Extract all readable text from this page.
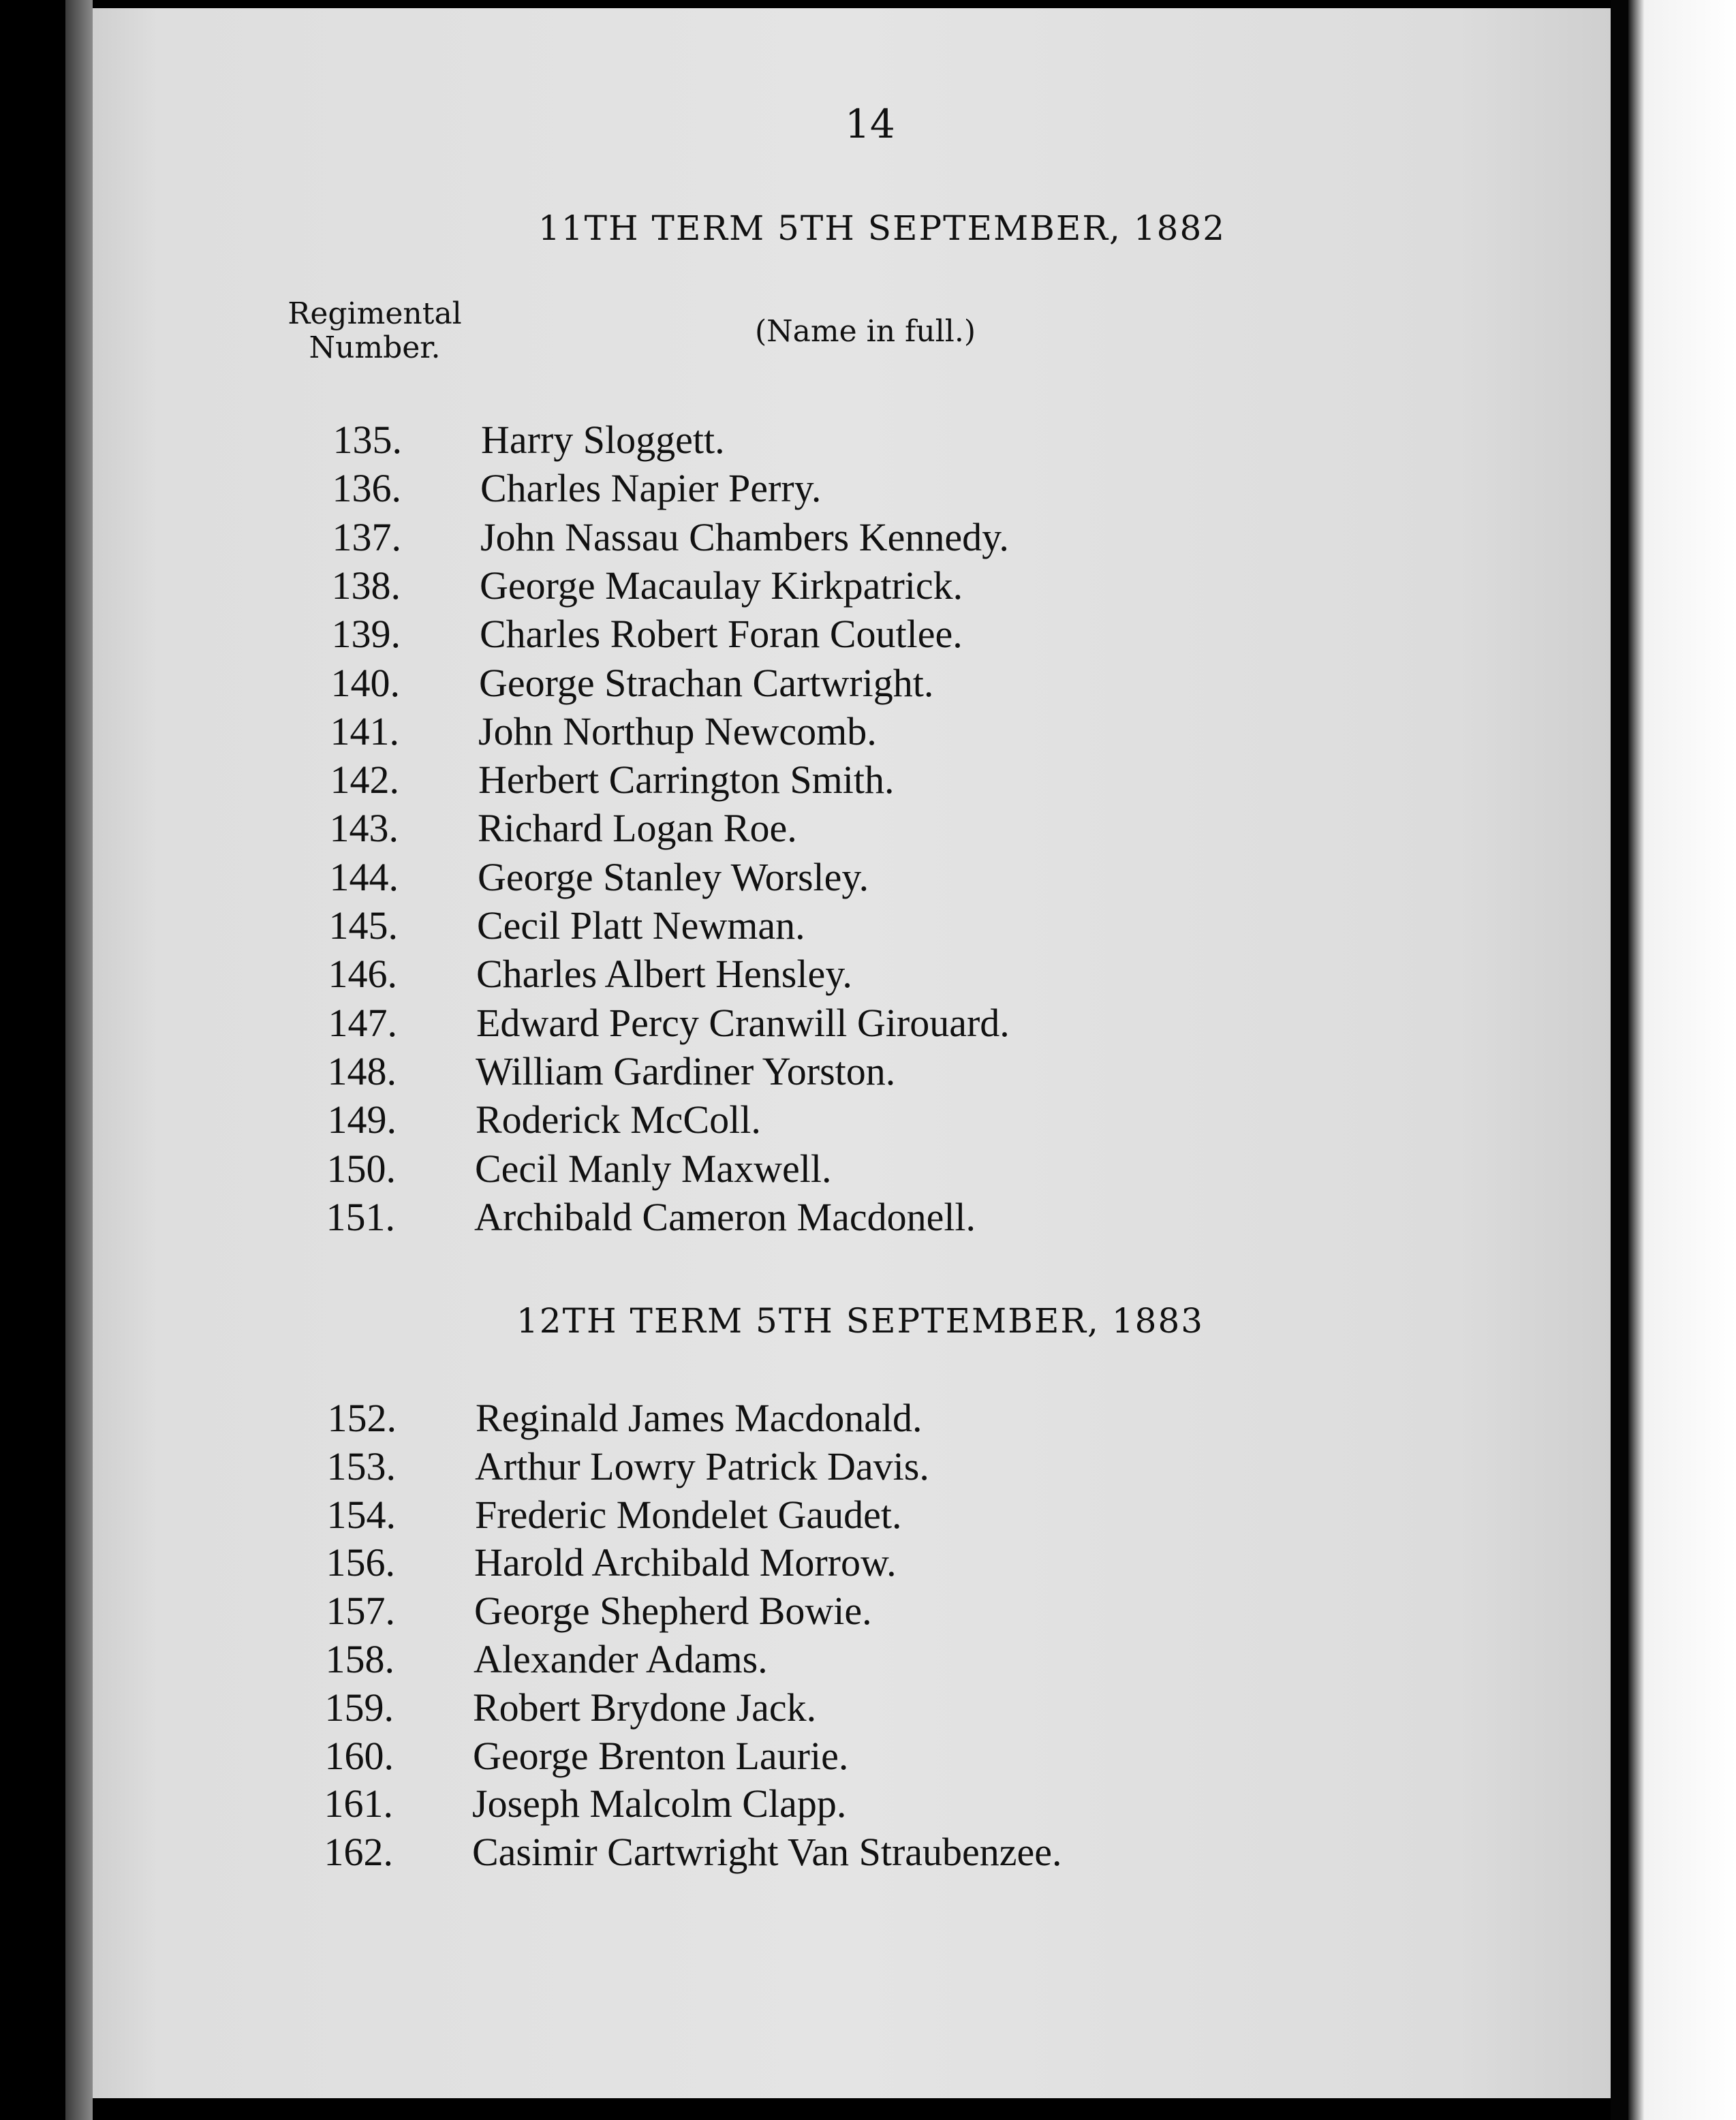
14
11TH TERM 5TH SEPTEMBER, 1882
Regimental
Number.	(Name in full.)
135. Harry Sloggett.
136. Charles Napier Perry.
137. John Nassau Chambers Kennedy.
138. George Macaulay Kirkpatrick.
139. Charles Robert Foran Coutlee.
140. George Strachan Cartwright.
141. John Northup Newcomb.
142. Herbert Carrington Smith.
143. Richard Logan Roe.
144. George Stanley Worsley.
145. Cecil Platt Newman.
146. Charles Albert Hensley.
147. Edward Percy Cranwill Girouard.
148. William Gardiner Yorston.
149. Roderick McColl.
150. Cecil Manly Maxwell.
151. Archibald Cameron Macdonell.
12TH TERM 5TH SEPTEMBER, 1883
152. Reginald James Macdonald.
153. Arthur Lowry Patrick Davis.
154. Frederic Mondelet Gaudet.
156. Harold Archibald Morrow.
157. George Shepherd Bowie.
158. Alexander Adams.
159. Robert Brydone Jack.
160. George Brenton Laurie.
161. Joseph Malcolm Clapp.
162. Casimir Cartwright Van Straubenzee.
